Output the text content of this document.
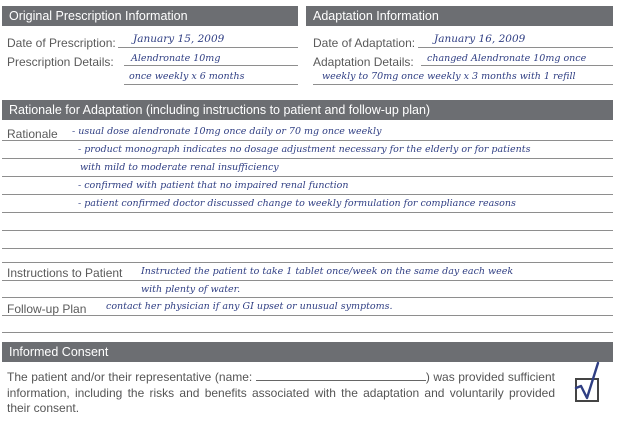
Original Prescription Information
Date of Prescription: January 15, 2009
Prescription Details: Alendronate 10mg
once weekly x 6 months
Adaptation Information
Date of Adaptation: January 16, 2009
Adaptation Details: changed Alendronate 10mg once
weekly to 70mg once weekly x 3 months with 1 refill
Rationale for Adaptation (including instructions to patient and follow-up plan)
Rationale - usual dose alendronate 10mg once daily or 70 mg once weekly
- product monograph indicates no dosage adjustment necessary for the elderly or for patients
with mild to moderate renal insufficiency
- confirmed with patient that no impaired renal function
- patient confirmed doctor discussed change to weekly formulation for compliance reasons
Instructions to Patient Instructed the patient to take 1 tablet once/week on the same day each week
with plenty of water.
Follow-up Plan contact her physician if any GI upset or unusual symptoms.
Informed Consent
The patient and/or their representative (name:	) was provided sufficient information, including the risks and benefits associated with the adaptation and voluntarily provided their consent.
